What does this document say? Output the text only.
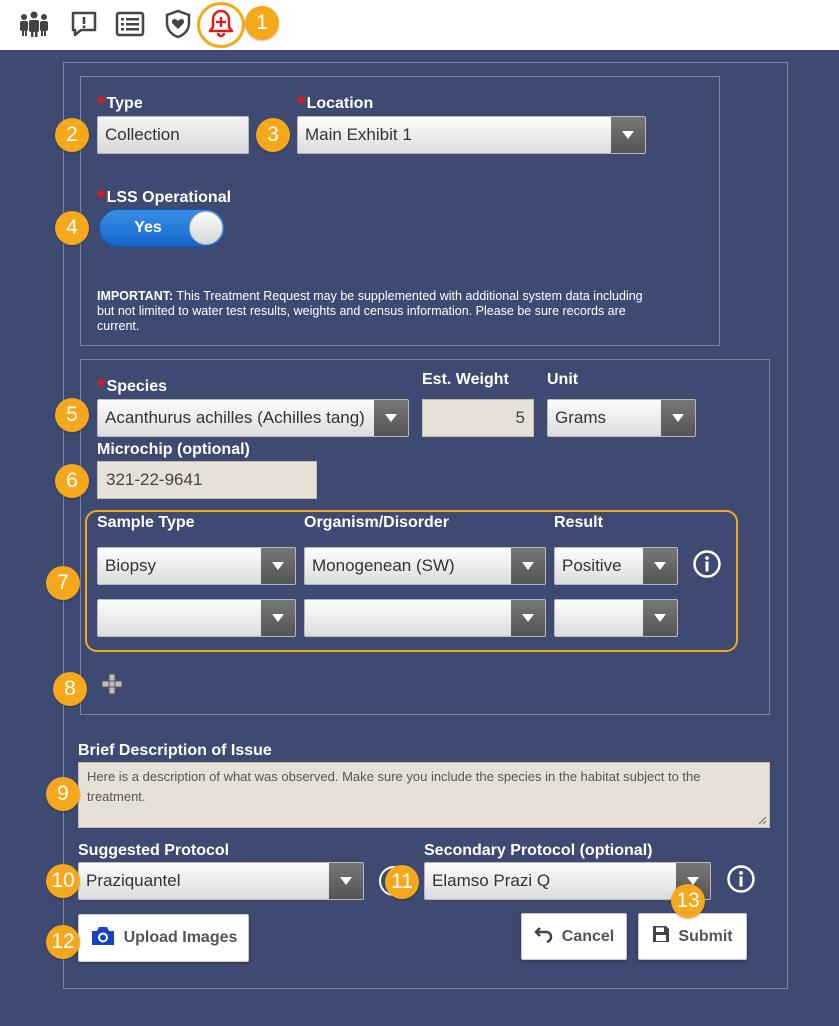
*Type
Collection
*Location
Main Exhibit 1
*LSS Operational
Yes
IMPORTANT: This Treatment Request may be supplemented with additional system data including but not limited to water test results, weights and census information. Please be sure records are current.
*Species
Acanthurus achilles (Achilles tang)
Est. Weight
5
Unit
Grams
Microchip (optional)
321-22-9641
Sample Type	Organism/Disorder	Result
Biopsy	Monogenean (SW)	Positive
Brief Description of Issue
Here is a description of what was observed. Make sure you include the species in the habitat subject to the treatment.
Suggested Protocol
Praziquantel
Secondary Protocol (optional)
Elamso Prazi Q
Upload Images	Cancel	Submit
1
2	3
4
5
6
7
8
9
10	11
12
13
